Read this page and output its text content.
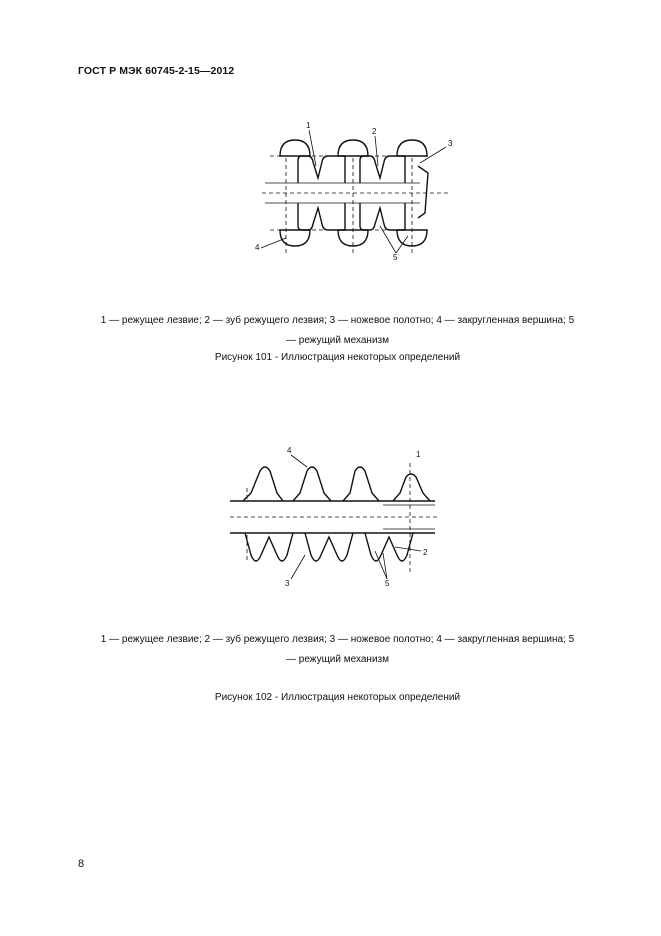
ГОСТ Р МЭК 60745-2-15—2012
1
2
3
4
5
1 — режущее лезвие; 2 — зуб режущего лезвия; 3 — ножевое полотно; 4 — закругленная вершина; 5
— режущий механизм
Рисунок 101 - Иллюстрация некоторых определений
4	1
2
3	5
1 — режущее лезвие; 2 — зуб режущего лезвия; 3 — ножевое полотно; 4 — закругленная вершина; 5
— режущий механизм
Рисунок 102 - Иллюстрация некоторых определений
8
